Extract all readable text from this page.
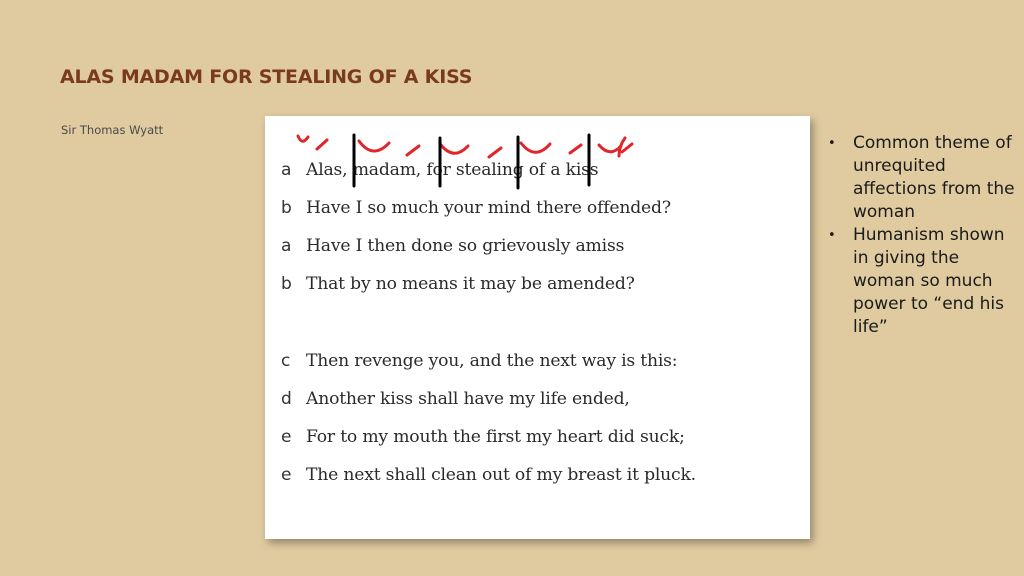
ALAS MADAM FOR STEALING OF A KISS

Sir Thomas Wyatt

a Alas, madam, for stealing of a kiss
b Have I so much your mind there offended?
a Have I then done so grievously amiss
b That by no means it may be amended?
c Then revenge you, and the next way is this:
d Another kiss shall have my life ended,
e For to my mouth the first my heart did suck;
e The next shall clean out of my breast it pluck.
• Common theme of unrequited affections from the woman
• Humanism shown in giving the woman so much power to “end his life”
